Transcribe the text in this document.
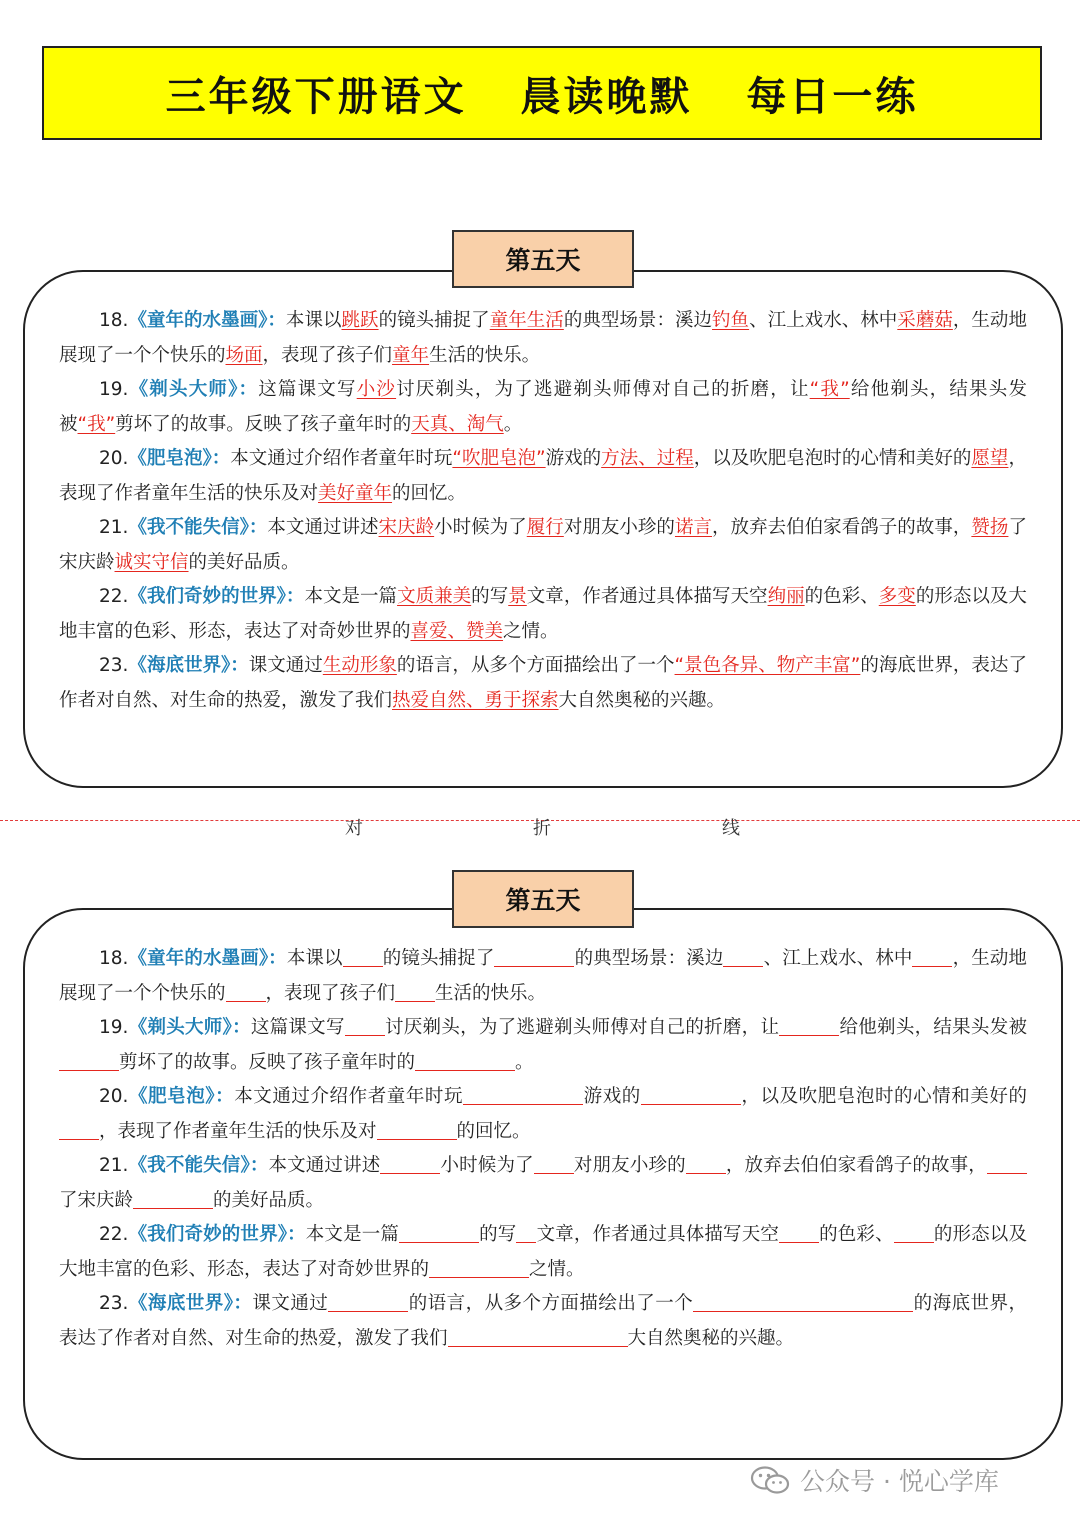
三年级下册语文  晨读晚默  每日一练
第五天

18.《童年的水墨画》：本课以跳跃的镜头捕捉了童年生活的典型场景：溪边钓鱼、江上戏水、林中采蘑菇，生动地展现了一个个快乐的场面，表现了孩子们童年生活的快乐。

19.《剃头大师》：这篇课文写小沙讨厌剃头，为了逃避剃头师傅对自己的折磨，让“我”给他剃头，结果头发被“我”剪坏了的故事。反映了孩子童年时的天真、淘气。

20.《肥皂泡》：本文通过介绍作者童年时玩“吹肥皂泡”游戏的方法、过程，以及吹肥皂泡时的心情和美好的愿望，表现了作者童年生活的快乐及对美好童年的回忆。

21.《我不能失信》：本文通过讲述宋庆龄小时候为了履行对朋友小珍的诺言，放弃去伯伯家看鸽子的故事，赞扬了宋庆龄诚实守信的美好品质。

22.《我们奇妙的世界》：本文是一篇文质兼美的写景文章，作者通过具体描写天空绚丽的色彩、多变的形态以及大地丰富的色彩、形态，表达了对奇妙世界的喜爱、赞美之情。

23.《海底世界》：课文通过生动形象的语言，从多个方面描绘出了一个“景色各异、物产丰富”的海底世界，表达了作者对自然、对生命的热爱，激发了我们热爱自然、勇于探索大自然奥秘的兴趣。

对	折	线
第五天

18.《童年的水墨画》：本课以 的镜头捕捉了	的典型场景：溪边 、江上戏水、林中 ，生动地展现了一个个快乐的 ，表现了孩子们 生活的快乐。

19.《剃头大师》：这篇课文写 讨厌剃头，为了逃避剃头师傅对自己的折磨，让	给他剃头，结果头发被剪坏了的故事。反映了孩子童年时的	。

20.《肥皂泡》：本文通过介绍作者童年时玩	游戏的	，以及吹肥皂泡时的心情和美好的，表现了作者童年生活的快乐及对	的回忆。

21.《我不能失信》：本文通过讲述	小时候为了 对朋友小珍的 ，放弃去伯伯家看鸽子的故事，了宋庆龄	的美好品质。

22.《我们奇妙的世界》：本文是一篇	的写 文章，作者通过具体描写天空 的色彩、 的形态以及大地丰富的色彩、形态，表达了对奇妙世界的	之情。

23.《海底世界》：课文通过	的语言，从多个方面描绘出了一个	的海底世界，表达了作者对自然、对生命的热爱，激发了我们	大自然奥秘的兴趣。

公众号 · 悦心学库
